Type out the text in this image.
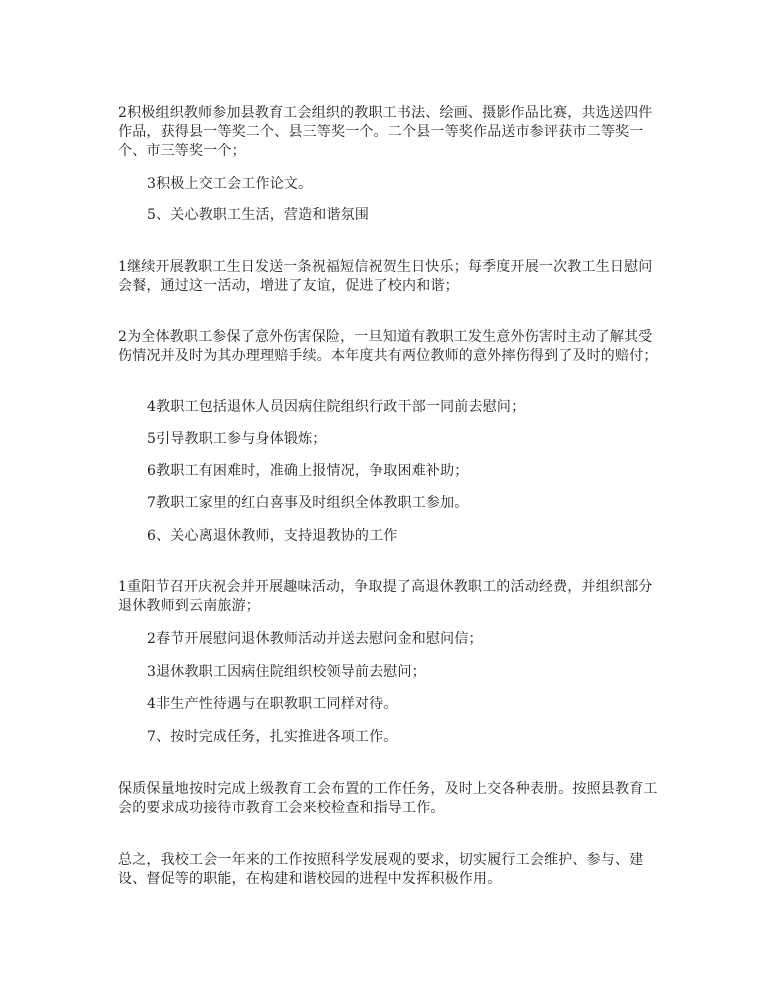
2积极组织教师参加县教育工会组织的教职工书法、绘画、摄影作品比赛，共选送四件作品，获得县一等奖二个、县三等奖一个。二个县一等奖作品送市参评获市二等奖一个、市三等奖一个；

3积极上交工会工作论文。

5、关心教职工生活，营造和谐氛围

1继续开展教职工生日发送一条祝福短信祝贺生日快乐；每季度开展一次教工生日慰问会餐，通过这一活动，增进了友谊，促进了校内和谐；

2为全体教职工参保了意外伤害保险，一旦知道有教职工发生意外伤害时主动了解其受伤情况并及时为其办理理赔手续。本年度共有两位教师的意外摔伤得到了及时的赔付；

4教职工包括退休人员因病住院组织行政干部一同前去慰问；

5引导教职工参与身体锻炼；

6教职工有困难时，准确上报情况，争取困难补助；

7教职工家里的红白喜事及时组织全体教职工参加。

6、关心离退休教师，支持退教协的工作

1重阳节召开庆祝会并开展趣味活动，争取提了高退休教职工的活动经费，并组织部分退休教师到云南旅游；

2春节开展慰问退休教师活动并送去慰问金和慰问信；

3退休教职工因病住院组织校领导前去慰问；

4非生产性待遇与在职教职工同样对待。

7、按时完成任务，扎实推进各项工作。

保质保量地按时完成上级教育工会布置的工作任务，及时上交各种表册。按照县教育工会的要求成功接待市教育工会来校检查和指导工作。

总之，我校工会一年来的工作按照科学发展观的要求，切实履行工会维护、参与、建设、督促等的职能，在构建和谐校园的进程中发挥积极作用。
